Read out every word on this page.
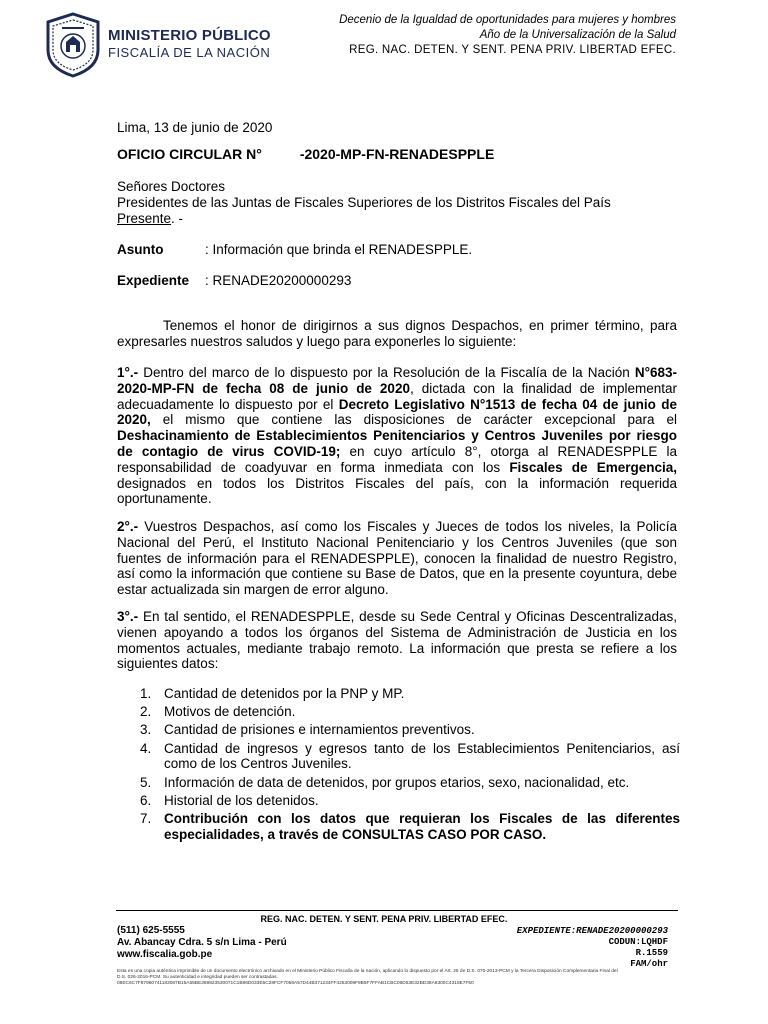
MINISTERIO PÚBLICO
FISCALÍA DE LA NACIÓN
Decenio de la Igualdad de oportunidades para mujeres y hombres
Año de la Universalización de la Salud
REG. NAC. DETEN. Y SENT. PENA PRIV. LIBERTAD EFEC.
Lima, 13 de junio de 2020
OFICIO CIRCULAR N°	-2020-MP-FN-RENADESPPLE
Señores Doctores
Presidentes de las Juntas de Fiscales Superiores de los Distritos Fiscales del País
Presente. -
Asunto	: Información que brinda el RENADESPPLE.
Expediente : RENADE20200000293
Tenemos el honor de dirigirnos a sus dignos Despachos, en primer término, para expresarles nuestros saludos y luego para exponerles lo siguiente:
1°.- Dentro del marco de lo dispuesto por la Resolución de la Fiscalía de la Nación N°683-2020-MP-FN de fecha 08 de junio de 2020, dictada con la finalidad de implementar adecuadamente lo dispuesto por el Decreto Legislativo N°1513 de fecha 04 de junio de 2020, el mismo que contiene las disposiciones de carácter excepcional para el Deshacinamiento de Establecimientos Penitenciarios y Centros Juveniles por riesgo de contagio de virus COVID-19; en cuyo artículo 8°, otorga al RENADESPPLE la responsabilidad de coadyuvar en forma inmediata con los Fiscales de Emergencia, designados en todos los Distritos Fiscales del país, con la información requerida oportunamente.
2°.- Vuestros Despachos, así como los Fiscales y Jueces de todos los niveles, la Policía Nacional del Perú, el Instituto Nacional Penitenciario y los Centros Juveniles (que son fuentes de información para el RENADESPPLE), conocen la finalidad de nuestro Registro, así como la información que contiene su Base de Datos, que en la presente coyuntura, debe estar actualizada sin margen de error alguno.
3°.- En tal sentido, el RENADESPPLE, desde su Sede Central y Oficinas Descentralizadas, vienen apoyando a todos los órganos del Sistema de Administración de Justicia en los momentos actuales, mediante trabajo remoto. La información que presta se refiere a los siguientes datos:
1. Cantidad de detenidos por la PNP y MP.
2. Motivos de detención.
3. Cantidad de prisiones e internamientos preventivos.
4. Cantidad de ingresos y egresos tanto de los Establecimientos Penitenciarios, así como de los Centros Juveniles.
5. Información de data de detenidos, por grupos etarios, sexo, nacionalidad, etc.
6. Historial de los detenidos.
7. Contribución con los datos que requieran los Fiscales de las diferentes especialidades, a través de CONSULTAS CASO POR CASO.
REG. NAC. DETEN. Y SENT. PENA PRIV. LIBERTAD EFEC.
(511) 625-5555
Av. Abancay Cdra. 5 s/n Lima - Perú
www.fiscalia.gob.pe
EXPEDIENTE:RENADE20200000293
CODUN:LQHDF
R.1559
FAM/ohr
Esta es una copia auténtica imprimible de un documento electrónico archivado en el Ministerio Público Fiscalía de la nación, aplicando lo dispuesto por el Art. 25 de D.S. 070-2013-PCM y la Tercera Disposición Complementaria Final del
D.S. 026-2016-PCM. Su autenticidad e integridad pueden ser contrastadas.
08EC6C7F87960741183087B15A55BE369823530071C1B96D033E5C28FCF7058A57D44B371234FF4253009F9B5F7FFAB1CBC06D53E32BD38A8300C4318E7F60
